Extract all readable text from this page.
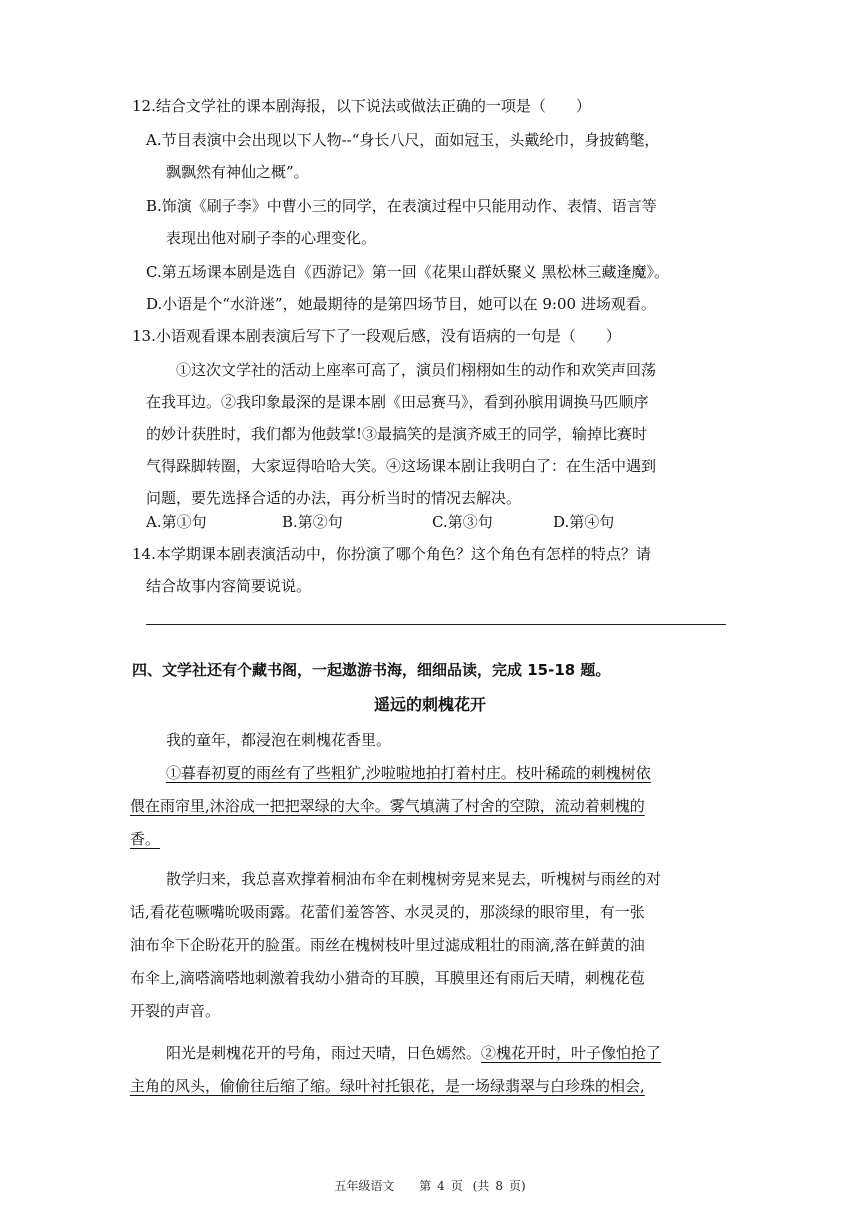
12.结合文学社的课本剧海报，以下说法或做法正确的一项是（　　）
A.节目表演中会出现以下人物--“身长八尺，面如冠玉，头戴纶巾，身披鹤氅，
飘飘然有神仙之概”。
B.饰演《刷子李》中曹小三的同学，在表演过程中只能用动作、表情、语言等
表现出他对刷子李的心理变化。
C.第五场课本剧是选自《西游记》第一回《花果山群妖聚义 黑松林三藏逢魔》。
D.小语是个“水浒迷”，她最期待的是第四场节目，她可以在 9:00 进场观看。
13.小语观看课本剧表演后写下了一段观后感，没有语病的一句是（　　）
①这次文学社的活动上座率可高了，演员们栩栩如生的动作和欢笑声回荡
在我耳边。②我印象最深的是课本剧《田忌赛马》，看到孙膑用调换马匹顺序
的妙计获胜时，我们都为他鼓掌!③最搞笑的是演齐威王的同学，输掉比赛时
气得跺脚转圈，大家逗得哈哈大笑。④这场课本剧让我明白了：在生活中遇到
问题，要先选择合适的办法，再分析当时的情况去解决。
A.第①句	B.第②句	C.第③句	D.第④句
14.本学期课本剧表演活动中，你扮演了哪个角色？这个角色有怎样的特点？请
结合故事内容简要说说。
四、文学社还有个藏书阁，一起遨游书海，细细品读，完成 15-18 题。
遥远的刺槐花开
我的童年，都浸泡在刺槐花香里。
①暮春初夏的雨丝有了些粗犷,沙啦啦地拍打着村庄。枝叶稀疏的刺槐树依
偎在雨帘里,沐浴成一把把翠绿的大伞。雾气填满了村舍的空隙，流动着刺槐的
香。
散学归来，我总喜欢撑着桐油布伞在刺槐树旁晃来晃去，听槐树与雨丝的对
话,看花苞噘嘴吮吸雨露。花蕾们羞答答、水灵灵的，那淡绿的眼帘里，有一张
油布伞下企盼花开的脸蛋。雨丝在槐树枝叶里过滤成粗壮的雨滴,落在鲜黄的油
布伞上,滴嗒滴嗒地刺激着我幼小猎奇的耳膜，耳膜里还有雨后天晴，刺槐花苞
开裂的声音。
阳光是刺槐花开的号角，雨过天晴，日色嫣然。②槐花开时，叶子像怕抢了
主角的风头，偷偷往后缩了缩。绿叶衬托银花，是一场绿翡翠与白珍珠的相会,
五年级语文 第 4 页 (共 8 页)
